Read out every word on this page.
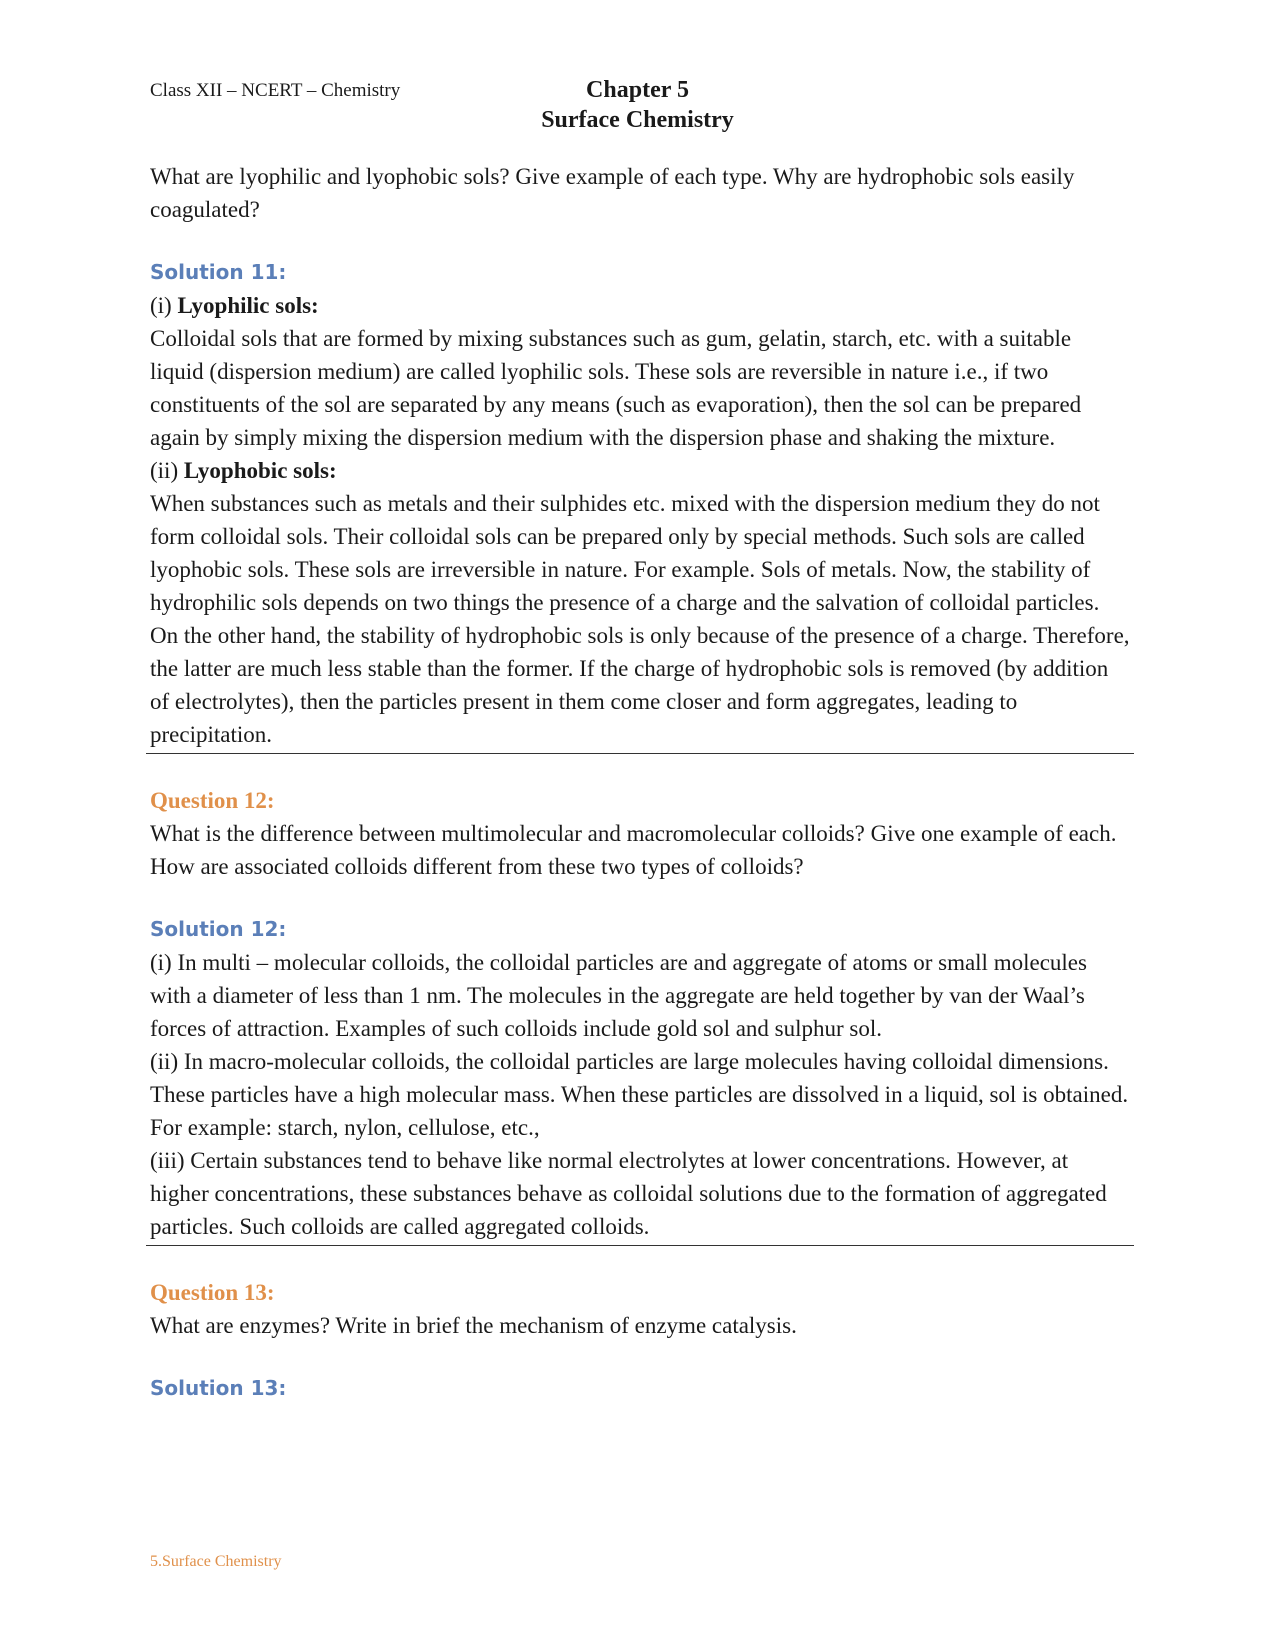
Class XII – NCERT – Chemistry	Chapter 5
Surface Chemistry

What are lyophilic and lyophobic sols? Give example of each type. Why are hydrophobic sols easily coagulated?

Solution 11:

(i) Lyophilic sols:

Colloidal sols that are formed by mixing substances such as gum, gelatin, starch, etc. with a suitable liquid (dispersion medium) are called lyophilic sols. These sols are reversible in nature i.e., if two constituents of the sol are separated by any means (such as evaporation), then the sol can be prepared again by simply mixing the dispersion medium with the dispersion phase and shaking the mixture.

(ii) Lyophobic sols:

When substances such as metals and their sulphides etc. mixed with the dispersion medium they do not form colloidal sols. Their colloidal sols can be prepared only by special methods. Such sols are called lyophobic sols. These sols are irreversible in nature. For example. Sols of metals. Now, the stability of hydrophilic sols depends on two things the presence of a charge and the salvation of colloidal particles. On the other hand, the stability of hydrophobic sols is only because of the presence of a charge. Therefore, the latter are much less stable than the former. If the charge of hydrophobic sols is removed (by addition of electrolytes), then the particles present in them come closer and form aggregates, leading to precipitation.

Question 12:

What is the difference between multimolecular and macromolecular colloids? Give one example of each. How are associated colloids different from these two types of colloids?

Solution 12:

(i) In multi – molecular colloids, the colloidal particles are and aggregate of atoms or small molecules with a diameter of less than 1 nm. The molecules in the aggregate are held together by van der Waal’s forces of attraction. Examples of such colloids include gold sol and sulphur sol.

(ii) In macro-molecular colloids, the colloidal particles are large molecules having colloidal dimensions. These particles have a high molecular mass. When these particles are dissolved in a liquid, sol is obtained. For example: starch, nylon, cellulose, etc.,

(iii) Certain substances tend to behave like normal electrolytes at lower concentrations. However, at higher concentrations, these substances behave as colloidal solutions due to the formation of aggregated particles. Such colloids are called aggregated colloids.

Question 13:

What are enzymes? Write in brief the mechanism of enzyme catalysis.

Solution 13:
5.Surface Chemistry
